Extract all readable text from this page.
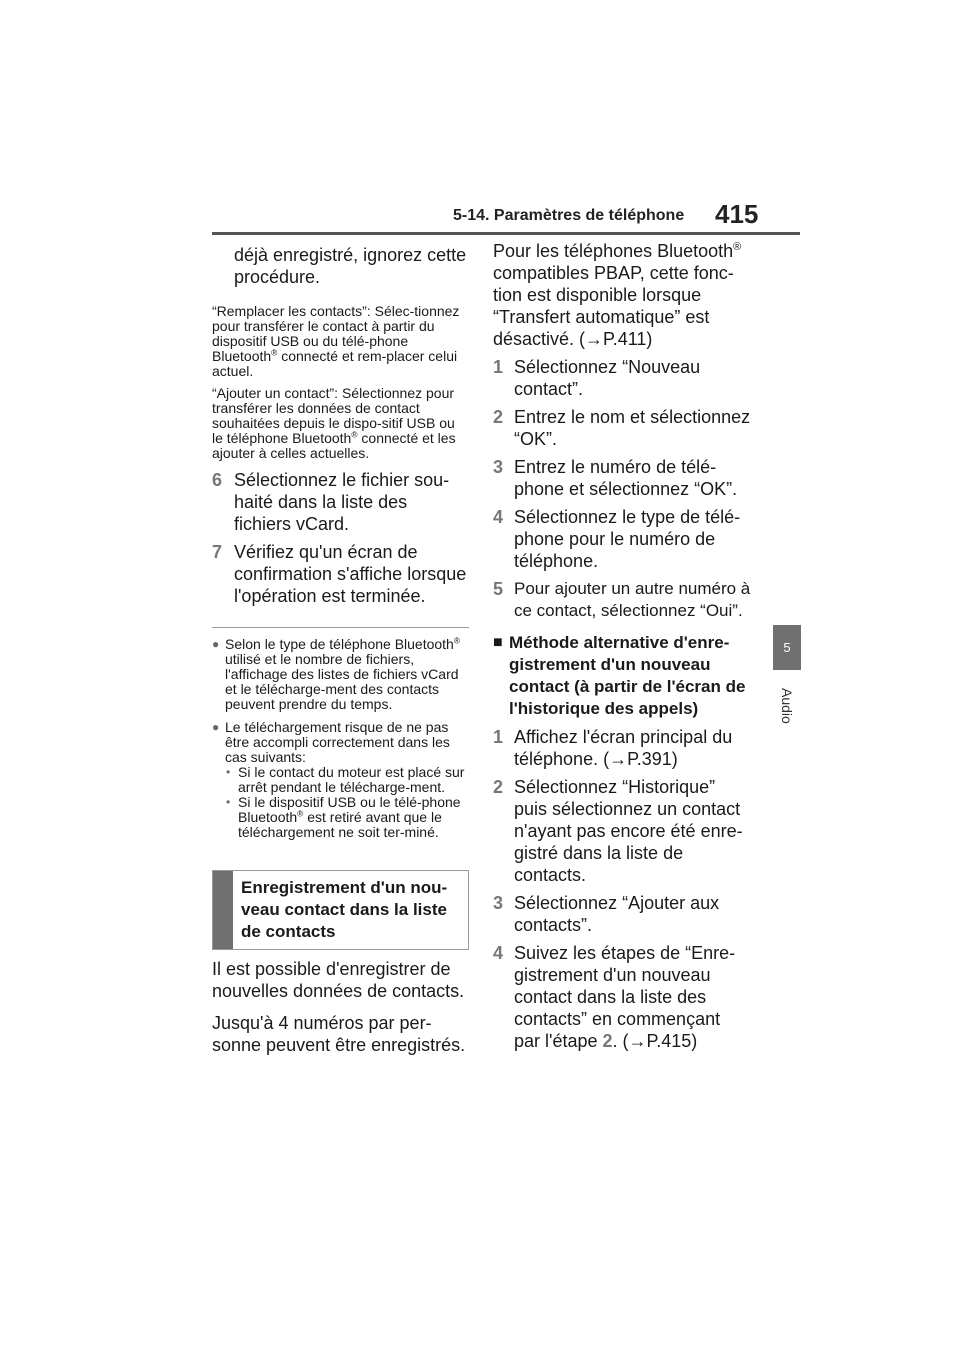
5-14. Paramètres de téléphone 415
5
Audio

déjà enregistré, ignorez cette procédure.

“Remplacer les contacts”: Sélec-tionnez pour transférer le contact à partir du dispositif USB ou du télé-phone Bluetooth® connecté et rem-placer celui actuel.

“Ajouter un contact”: Sélectionnez pour transférer les données de contact souhaitées depuis le dispo-sitif USB ou le téléphone Bluetooth® connecté et les ajouter à celles actuelles.

6 Sélectionnez le fichier sou-haité dans la liste des fichiers vCard.
7 Vérifiez qu'un écran de confirmation s'affiche lorsque l'opération est terminée.
● Selon le type de téléphone Bluetooth® utilisé et le nombre de fichiers, l'affichage des listes de fichiers vCard et le télécharge-ment des contacts peuvent prendre du temps.
● Le téléchargement risque de ne pas être accompli correctement dans les cas suivants:
• Si le contact du moteur est placé sur arrêt pendant le télécharge-ment.
• Si le dispositif USB ou le télé-phone Bluetooth® est retiré avant que le téléchargement ne soit ter-miné.
Enregistrement d'un nou-veau contact dans la liste de contacts

Il est possible d'enregistrer de nouvelles données de contacts.

Jusqu'à 4 numéros par per-sonne peuvent être enregistrés.

Pour les téléphones Bluetooth® compatibles PBAP, cette fonc-tion est disponible lorsque “Transfert automatique” est désactivé. (→P.411)

1 Sélectionnez “Nouveau contact”.
2 Entrez le nom et sélectionnez “OK”.
3 Entrez le numéro de télé-phone et sélectionnez “OK”.
4 Sélectionnez le type de télé-phone pour le numéro de téléphone.
5 Pour ajouter un autre numéro à ce contact, sélectionnez “Oui”.
■ Méthode alternative d'enre-gistrement d'un nouveau contact (à partir de l'écran de l'historique des appels)
1 Affichez l'écran principal du téléphone. (→P.391)
2 Sélectionnez “Historique” puis sélectionnez un contact n'ayant pas encore été enre-gistré dans la liste de contacts.
3 Sélectionnez “Ajouter aux contacts”.
4 Suivez les étapes de “Enre-gistrement d'un nouveau contact dans la liste des contacts” en commençant par l'étape 2. (→P.415)
